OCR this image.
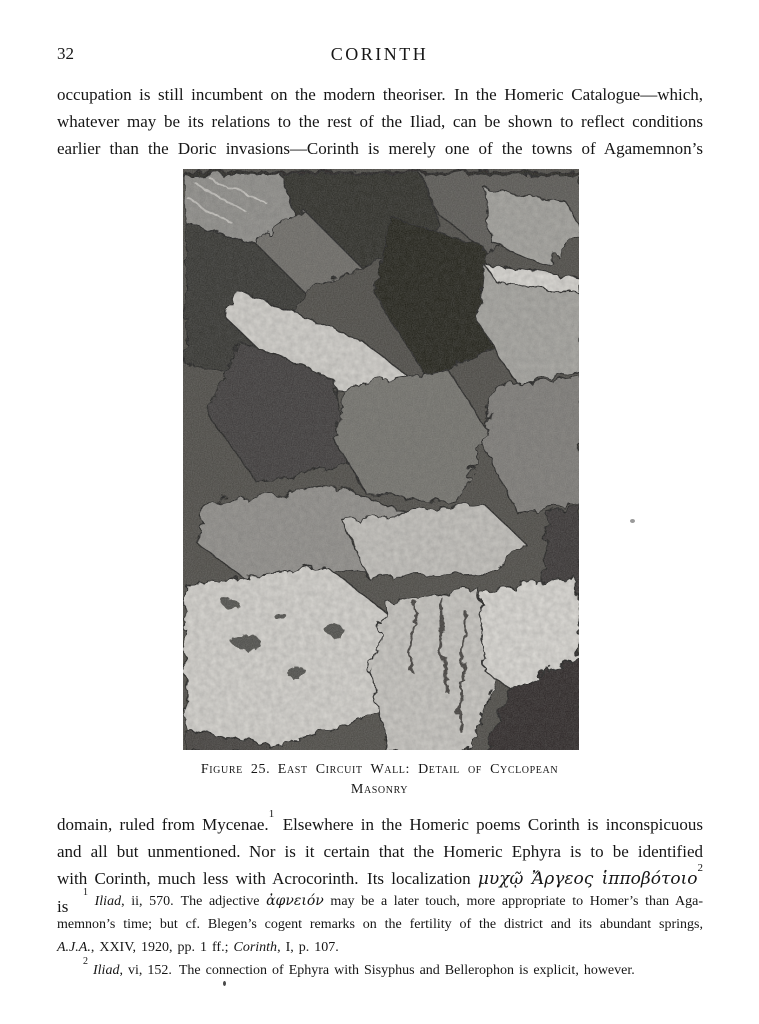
32	CORINTH
occupation is still incumbent on the modern theoriser. In the Homeric Catalogue—which,
whatever may be its relations to the rest of the Iliad, can be shown to reflect conditions
earlier than the Doric invasions—Corinth is merely one of the towns of Agamemnon’s
Figure 25. East Circuit Wall: Detail of Cyclopean
Masonry
domain, ruled from Mycenae.$^1$ Elsewhere in the Homeric poems Corinth is inconspicuous
and all but unmentioned. Nor is it certain that the Homeric Ephyra is to be identified
with Corinth, much less with Acrocorinth. Its localization μυχῷ Ἄργεος ἱπποβότοιο$^2$ is
$^1$ Iliad, ii, 570. The adjective ἀφνειόν may be a later touch, more appropriate to Homer’s than Aga-
memnon’s time; but cf. Blegen’s cogent remarks on the fertility of the district and its abundant springs,
A.J.A., XXIV, 1920, pp. 1 ff.; Corinth, I, p. 107.
$^2$ Iliad, vi, 152. The connection of Ephyra with Sisyphus and Bellerophon is explicit, however.
